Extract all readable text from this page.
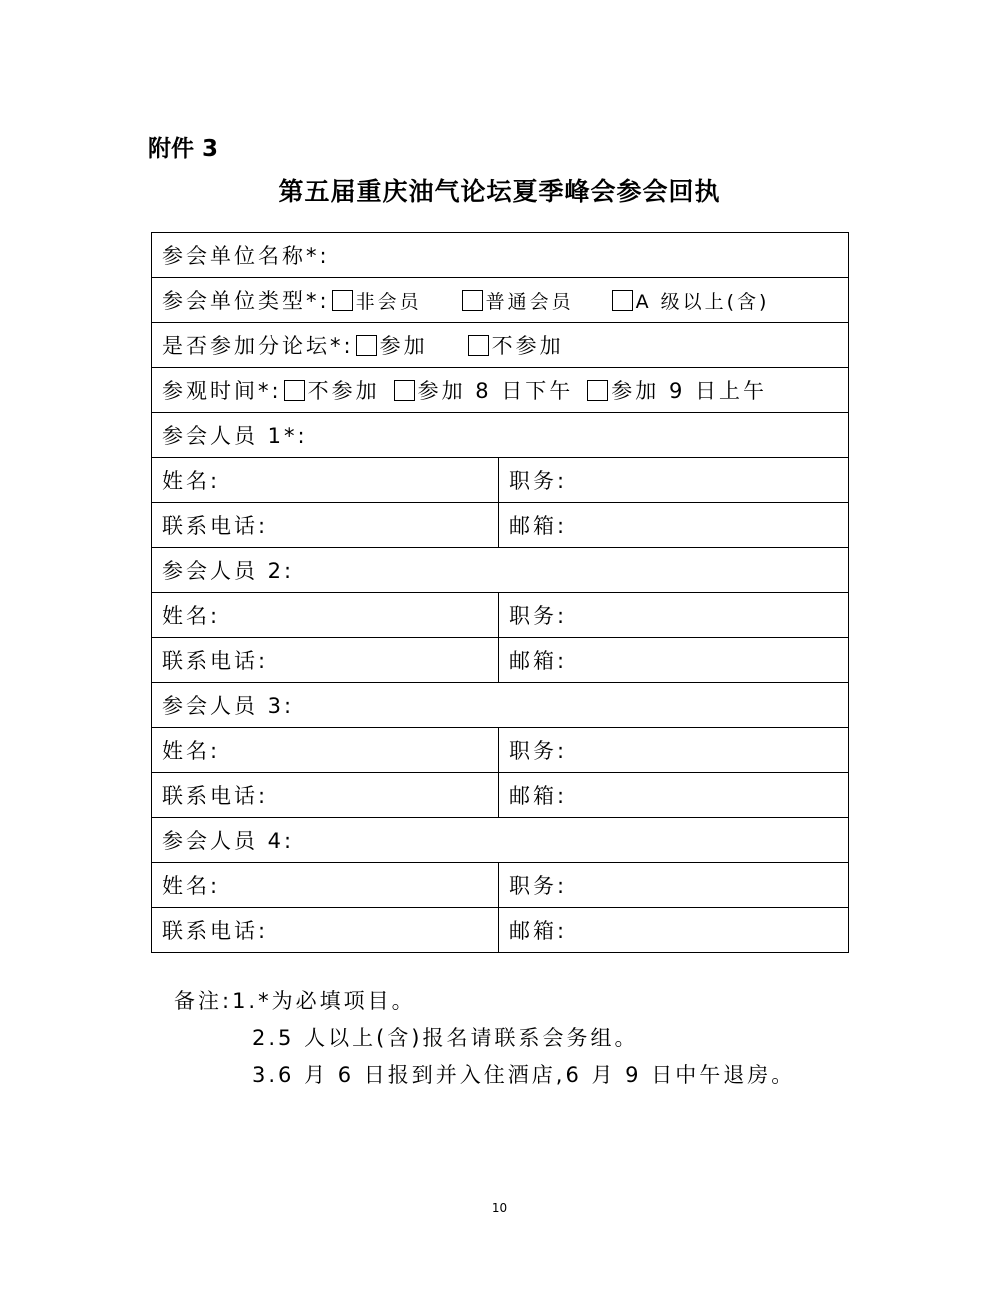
附件 3
第五届重庆油气论坛夏季峰会参会回执
参会单位名称*:	
参会单位类型*: 非会员 普通会员 A 级以上(含)	
是否参加分论坛*: 参加 不参加	
参观时间*: 不参加 参加 8 日下午 参加 9 日上午	
参会人员 1*:	
姓名:	职务:
联系电话:	邮箱:
参会人员 2:	
姓名:	职务:
联系电话:	邮箱:
参会人员 3:	
姓名:	职务:
联系电话:	邮箱:
参会人员 4:	
姓名:	职务:
联系电话:	邮箱:
备注:1.*为必填项目。
2.5 人以上(含)报名请联系会务组。
3.6 月 6 日报到并入住酒店,6 月 9 日中午退房。
10
